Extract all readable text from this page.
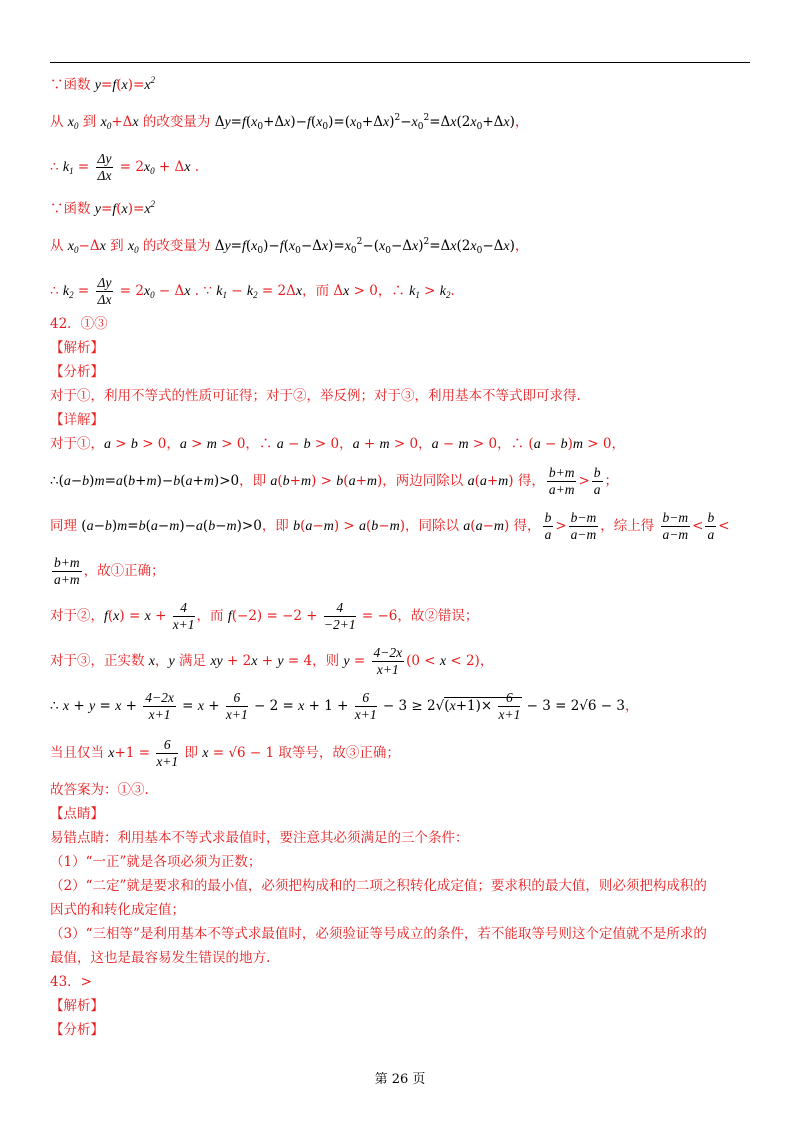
∵函数 $y=f(x)=x^2$
从 $x_0$ 到 $x_0+\Delta x$ 的改变量为 $\Delta y=f(x_0+\Delta x)-f(x_0)=(x_0+\Delta x)^2-x_0^2=\Delta x(2x_0+\Delta x)$，
∴ $k_1 = \frac{\Delta y}{\Delta x} = 2x_0 + \Delta x$ .
∵函数 $y=f(x)=x^2$
从 $x_0-\Delta x$ 到 $x_0$ 的改变量为 $\Delta y=f(x_0)-f(x_0-\Delta x)=x_0^2-(x_0-\Delta x)^2=\Delta x(2x_0-\Delta x)$，
∴ $k_2 = \frac{\Delta y}{\Delta x} = 2x_0 - \Delta x$ . ∵ $k_1 - k_2 = 2\Delta x$，而 Δx > 0，∴ $k_1 > k_2$.
42．①③
【解析】
【分析】
对于①，利用不等式的性质可证得；对于②，举反例；对于③，利用基本不等式即可求得.
【详解】
对于①，a > b > 0，a > m > 0，∴ a − b > 0，a + m > 0，a − m > 0，∴ (a − b)m > 0，
∴(a−b)m=a(b+m)−b(a+m)>0，即 a(b+m) > b(a+m)，两边同除以 a(a+m) 得， $\frac{b+m}{a+m} > \frac{b}{a}$ ；
同理 (a−b)m=b(a−m)−a(b−m)>0，即 b(a−m) > a(b−m)，同除以 a(a−m) 得， $\frac{b}{a} > \frac{b-m}{a-m}$ ，综上得 $\frac{b-m}{a-m} < \frac{b}{a}$ <
$\frac{b+m}{a+m}$ ，故①正确；
对于②，$f(x) = x + \frac{4}{x+1}$ ，而 $f(-2) = -2 + \frac{4}{-2+1} = -6$，故②错误；
对于③，正实数 x，y 满足 xy + 2x + y = 4，则 $y = \frac{4-2x}{x+1} (0 < x < 2)$，
∴ $x + y = x + \frac{4-2x}{x+1} = x + \frac{6}{x+1} - 2 = x + 1 + \frac{6}{x+1} - 3 \ge 2√(x+1)\times \frac{6}{x+1} - 3 = 2√6 - 3$，
当且仅当 $x+1 = \frac{6}{x+1}$ 即 x = √6 − 1 取等号，故③正确；
故答案为：①③.
【点睛】
易错点睛：利用基本不等式求最值时，要注意其必须满足的三个条件：
（1）“一正”就是各项必须为正数；
（2）“二定”就是要求和的最小值，必须把构成和的二项之积转化成定值；要求积的最大值，则必须把构成积的
因式的和转化成定值；
（3）“三相等”是利用基本不等式求最值时，必须验证等号成立的条件，若不能取等号则这个定值就不是所求的
最值，这也是最容易发生错误的地方.
43．>
【解析】
【分析】
第 26 页
